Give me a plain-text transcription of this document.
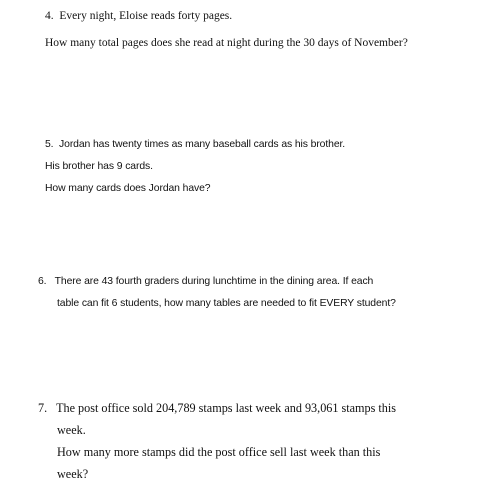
4. Every night, Eloise reads forty pages.
How many total pages does she read at night during the 30 days of November?
5. Jordan has twenty times as many baseball cards as his brother.
His brother has 9 cards.
How many cards does Jordan have?
6. There are 43 fourth graders during lunchtime in the dining area. If each
table can fit 6 students, how many tables are needed to fit EVERY student?
7. The post office sold 204,789 stamps last week and 93,061 stamps this
week.
How many more stamps did the post office sell last week than this
week?
